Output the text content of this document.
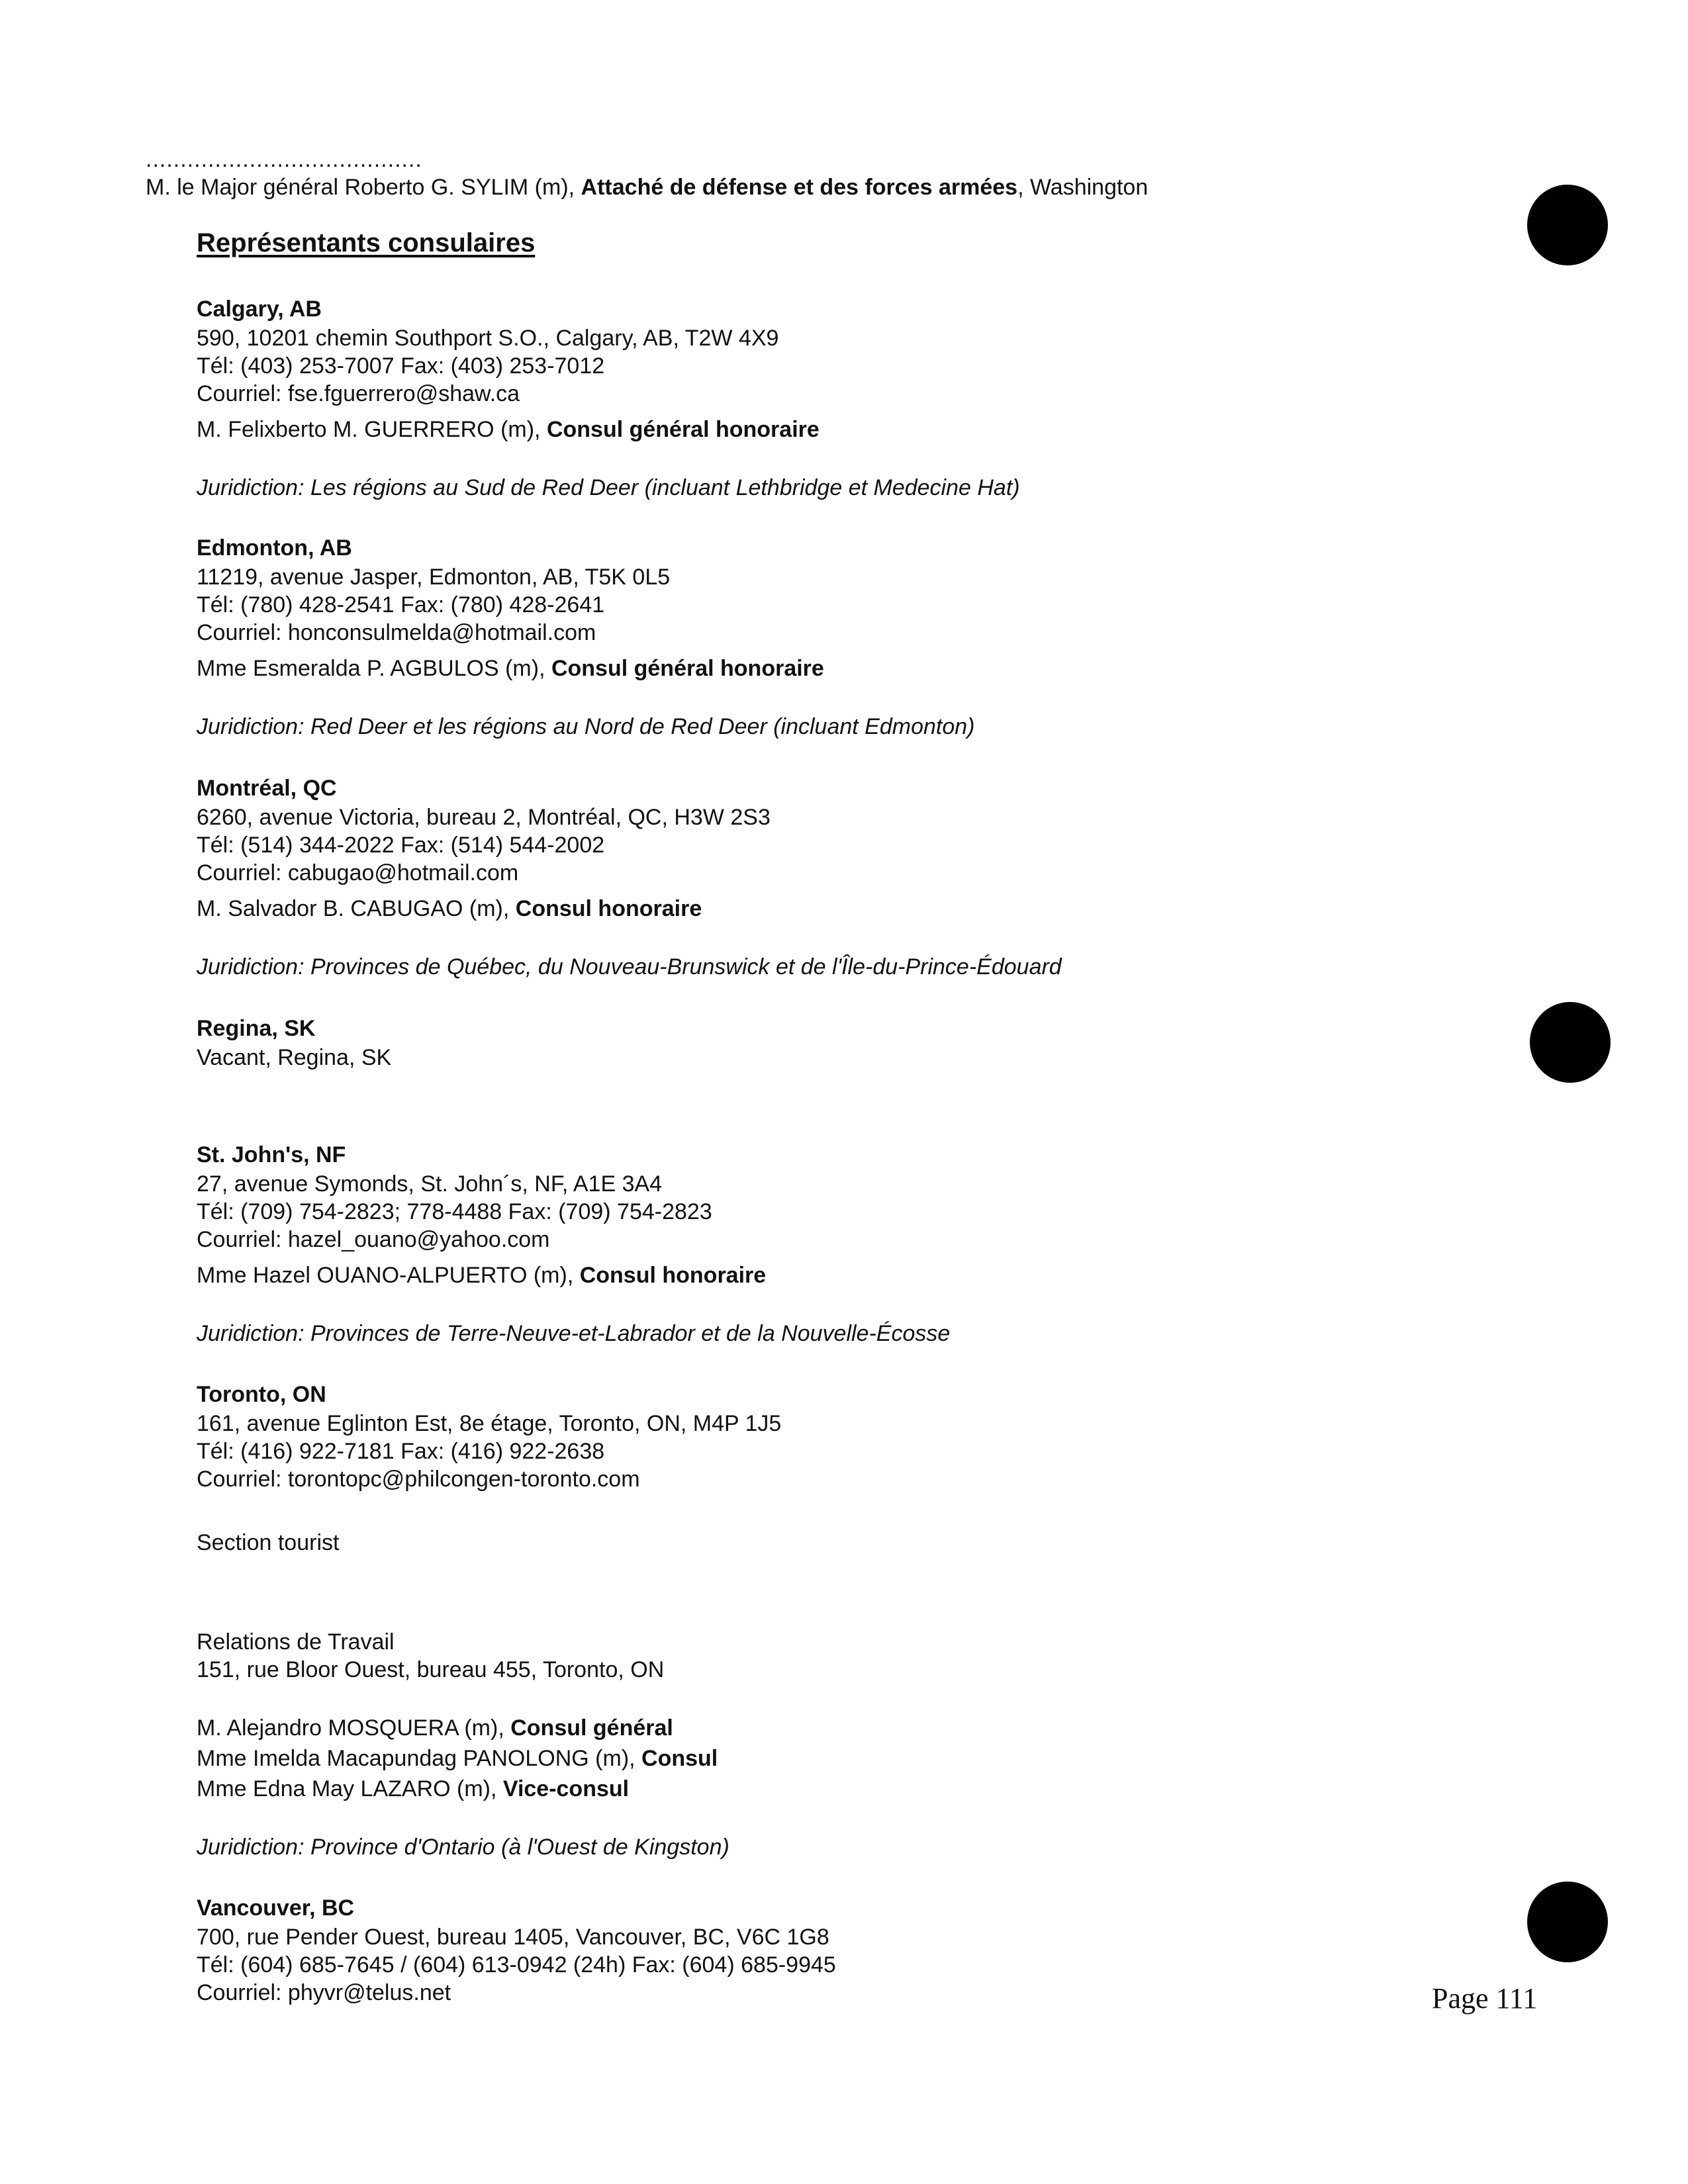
........................................
M. le Major général Roberto G. SYLIM (m), Attaché de défense et des forces armées, Washington
Représentants consulaires
Calgary, AB
590, 10201 chemin Southport S.O., Calgary, AB, T2W 4X9
Tél: (403) 253-7007 Fax: (403) 253-7012
Courriel: fse.fguerrero@shaw.ca
M. Felixberto M. GUERRERO (m), Consul général honoraire
Juridiction: Les régions au Sud de Red Deer (incluant Lethbridge et Medecine Hat)
Edmonton, AB
11219, avenue Jasper, Edmonton, AB, T5K 0L5
Tél: (780) 428-2541 Fax: (780) 428-2641
Courriel: honconsulmelda@hotmail.com
Mme Esmeralda P. AGBULOS (m), Consul général honoraire
Juridiction: Red Deer et les régions au Nord de Red Deer (incluant Edmonton)
Montréal, QC
6260, avenue Victoria, bureau 2, Montréal, QC, H3W 2S3
Tél: (514) 344-2022 Fax: (514) 544-2002
Courriel: cabugao@hotmail.com
M. Salvador B. CABUGAO (m), Consul honoraire
Juridiction: Provinces de Québec, du Nouveau-Brunswick et de l'Île-du-Prince-Édouard
Regina, SK
Vacant, Regina, SK
St. John's, NF
27, avenue Symonds, St. John´s, NF, A1E 3A4
Tél: (709) 754-2823; 778-4488 Fax: (709) 754-2823
Courriel: hazel_ouano@yahoo.com
Mme Hazel OUANO-ALPUERTO (m), Consul honoraire
Juridiction: Provinces de Terre-Neuve-et-Labrador et de la Nouvelle-Écosse
Toronto, ON
161, avenue Eglinton Est, 8e étage, Toronto, ON, M4P 1J5
Tél: (416) 922-7181 Fax: (416) 922-2638
Courriel: torontopc@philcongen-toronto.com
Section tourist
Relations de Travail
151, rue Bloor Ouest, bureau 455, Toronto, ON
M. Alejandro MOSQUERA (m), Consul général
Mme Imelda Macapundag PANOLONG (m), Consul
Mme Edna May LAZARO (m), Vice-consul
Juridiction: Province d'Ontario (à l'Ouest de Kingston)
Vancouver, BC
700, rue Pender Ouest, bureau 1405, Vancouver, BC, V6C 1G8
Tél: (604) 685-7645 / (604) 613-0942 (24h) Fax: (604) 685-9945
Courriel: phyvr@telus.net	Page 111
